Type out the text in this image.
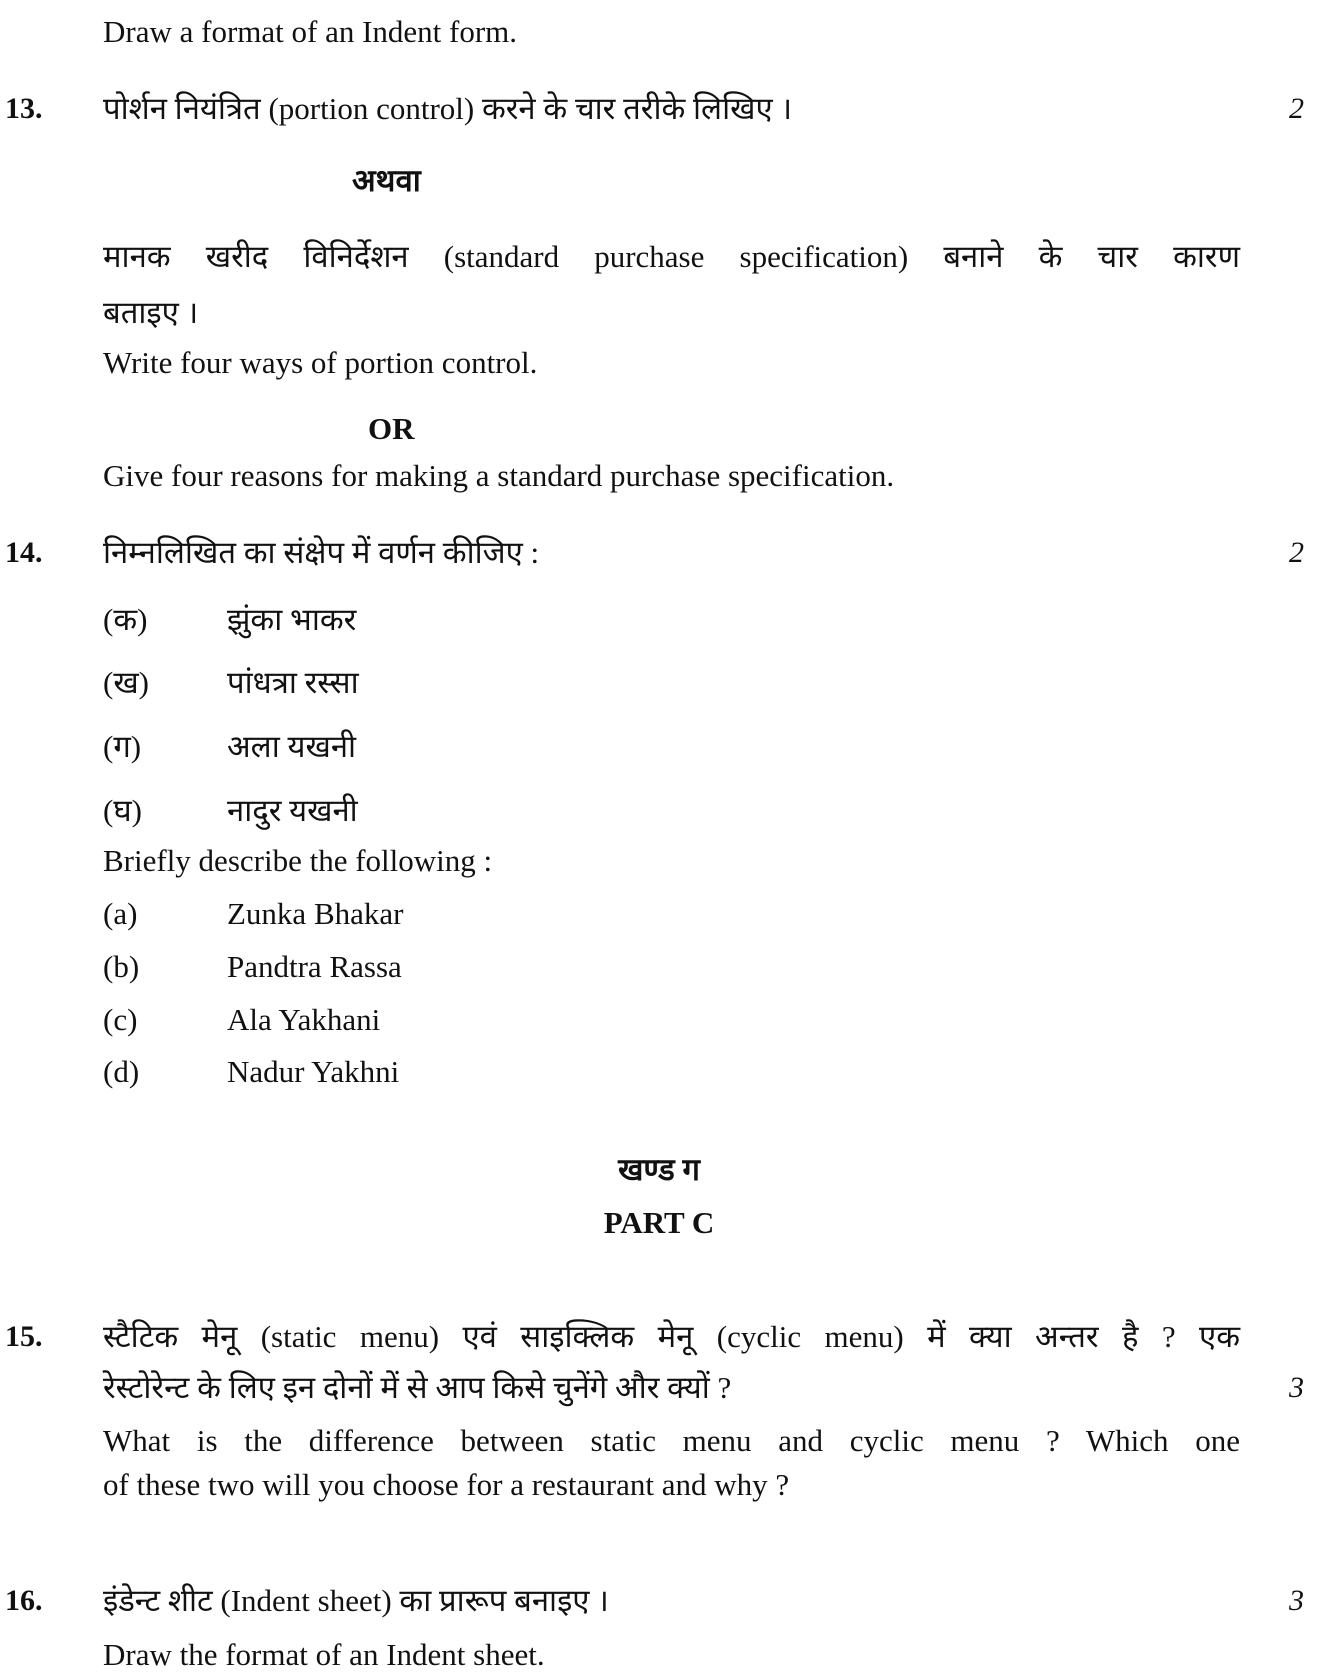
Draw a format of an Indent form.
13. पोर्शन नियंत्रित (portion control) करने के चार तरीके लिखिए ।	2
अथवा
मानक खरीद विनिर्देशन (standard purchase specification) बनाने के चार कारण
बताइए ।
Write four ways of portion control.
OR
Give four reasons for making a standard purchase specification.
14. निम्नलिखित का संक्षेप में वर्णन कीजिए :	2
(क)	झुंका भाकर
(ख)	पांधत्रा रस्सा
(ग)	अला यखनी
(घ)	नादुर यखनी
Briefly describe the following :
(a)	Zunka Bhakar
(b)	Pandtra Rassa
(c)	Ala Yakhani
(d)	Nadur Yakhni
खण्ड ग
PART C
15. स्टैटिक मेनू (static menu) एवं साइक्लिक मेनू (cyclic menu) में क्या अन्तर है ? एक
रेस्टोरेन्ट के लिए इन दोनों में से आप किसे चुनेंगे और क्यों ?	3
What is the difference between static menu and cyclic menu ? Which one
of these two will you choose for a restaurant and why ?
16. इंडेन्ट शीट (Indent sheet) का प्रारूप बनाइए ।	3
Draw the format of an Indent sheet.
